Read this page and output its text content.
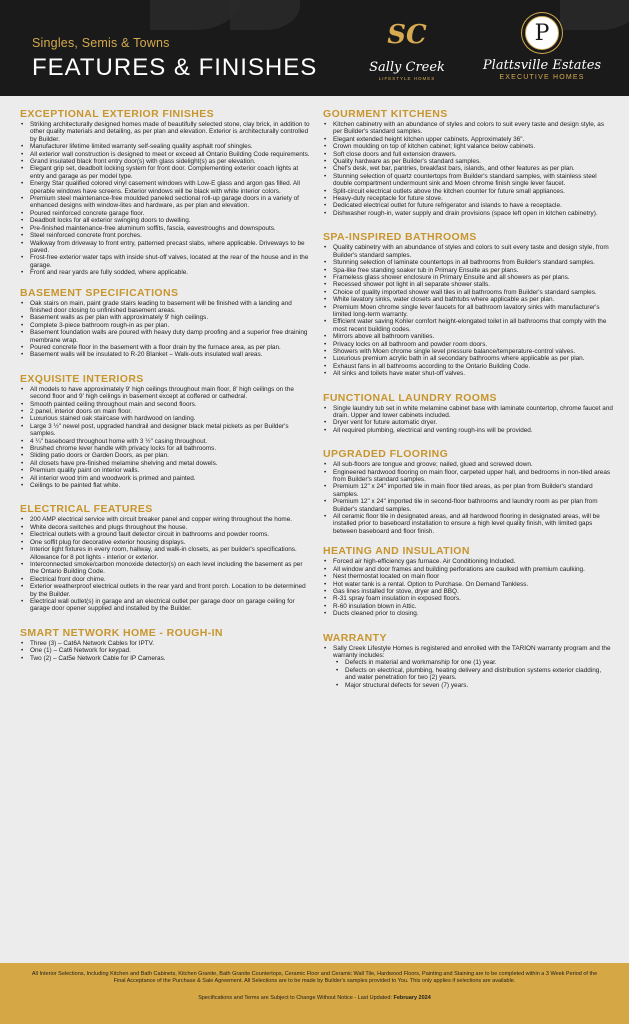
Singles, Semis & Towns
FEATURES & FINISHES
SC
Sally Creek
LIFESTYLE HOMES
P
Plattsville Estates
EXECUTIVE HOMES
EXCEPTIONAL EXTERIOR FINISHES
• Striking architecturally designed homes made of beautifully selected stone, clay brick, in addition to other quality materials and detailing, as per plan and elevation. Exterior is architecturally controlled by Builder.
• Manufacturer lifetime limited warranty self-sealing quality asphalt roof shingles.
• All exterior wall construction is designed to meet or exceed all Ontario Building Code requirements.
• Grand insulated black front entry door(s) with glass sidelight(s) as per elevation.
• Elegant grip set, deadbolt locking system for front door. Complementing exterior coach lights at entry and garage as per model type.
• Energy Star qualified colored vinyl casement windows with Low-E glass and argon gas filled. All operable windows have screens. Exterior windows will be black with white interior colors.
• Premium steel maintenance-free moulded paneled sectional roll-up garage doors in a variety of enhanced designs with window-lites and hardware, as per plan and elevation.
• Poured reinforced concrete garage floor.
• Deadbolt locks for all exterior swinging doors to dwelling.
• Pre-finished maintenance-free aluminum soffits, fascia, eavestroughs and downspouts.
• Steel reinforced concrete front porches.
• Walkway from driveway to front entry, patterned precast slabs, where applicable. Driveways to be paved.
• Frost-free exterior water taps with inside shut-off valves, located at the rear of the house and in the garage.
• Front and rear yards are fully sodded, where applicable.
BASEMENT SPECIFICATIONS
• Oak stairs on main, paint grade stairs leading to basement will be finished with a landing and finished door closing to unfinished basement areas.
• Basement walls as per plan with approximately 9' high ceilings.
• Complete 3-piece bathroom rough-in as per plan.
• Basement foundation walls are poured with heavy duty damp proofing and a superior free draining membrane wrap.
• Poured concrete floor in the basement with a floor drain by the furnace area, as per plan.
• Basement walls will be insulated to R-20 Blanket – Walk-outs insulated wall areas.
EXQUISITE INTERIORS
• All models to have approximately 9' high ceilings throughout main floor, 8' high ceilings on the second floor and 9' high ceilings in basement except at coffered or cathedral.
• Smooth painted ceiling throughout main and second floors.
• 2 panel, interior doors on main floor.
• Luxurious stained oak staircase with hardwood on landing.
• Large 3 ½" newel post, upgraded handrail and designer black metal pickets as per Builder's samples.
• 4 ¼" baseboard throughout home with 3 ½" casing throughout.
• Brushed chrome lever handle with privacy locks for all bathrooms.
• Sliding patio doors or Garden Doors, as per plan.
• All closets have pre-finished melamine shelving and metal dowels.
• Premium quality paint on interior walls.
• All interior wood trim and woodwork is primed and painted.
• Ceilings to be painted flat white.
ELECTRICAL FEATURES
• 200 AMP electrical service with circuit breaker panel and copper wiring throughout the home.
• White decora switches and plugs throughout the house.
• Electrical outlets with a ground fault detector circuit in bathrooms and powder rooms.
• One soffit plug for decorative exterior housing displays.
• Interior light fixtures in every room, hallway, and walk-in closets, as per builder's specifications. Allowance for 8 pot lights - interior or exterior.
• Interconnected smoke/carbon monoxide detector(s) on each level including the basement as per the Ontario Building Code.
• Electrical front door chime.
• Exterior weatherproof electrical outlets in the rear yard and front porch. Location to be determined by the Builder.
• Electrical wall outlet(s) in garage and an electrical outlet per garage door on garage ceiling for garage door opener supplied and installed by the Builder.
SMART NETWORK HOME - ROUGH-IN
• Three (3) – Cat6A Network Cables for IPTV.
• One (1) – Cat6 Network for keypad.
• Two (2) – Cat5e Network Cable for IP Cameras.
GOURMENT KITCHENS
• Kitchen cabinetry with an abundance of styles and colors to suit every taste and design style, as per Builder's standard samples.
• Elegant extended height kitchen upper cabinets. Approximately 36".
• Crown moulding on top of kitchen cabinet; light valance below cabinets.
• Soft close doors and full extension drawers.
• Quality hardware as per Builder's standard samples.
• Chef's desk, wet bar, pantries, breakfast bars, islands, and other features as per plan.
• Stunning selection of quartz countertops from Builder's standard samples, with stainless steel double compartment undermount sink and Moen chrome finish single lever faucet.
• Split-circuit electrical outlets above the kitchen counter for future small appliances.
• Heavy-duty receptacle for future stove.
• Dedicated electrical outlet for future refrigerator and islands to have a receptacle.
• Dishwasher rough-in, water supply and drain provisions (space left open in kitchen cabinetry).
SPA-INSPIRED BATHROOMS
• Quality cabinetry with an abundance of styles and colors to suit every taste and design style, from Builder's standard samples.
• Stunning selection of laminate countertops in all bathrooms from Builder's standard samples.
• Spa-like free standing soaker tub in Primary Ensuite as per plans.
• Frameless glass shower enclosure in Primary Ensuite and all showers as per plans.
• Recessed shower pot light in all separate shower stalls.
• Choice of quality imported shower wall tiles in all bathrooms from Builder's standard samples.
• White lavatory sinks, water closets and bathtubs where applicable as per plan.
• Premium Moen chrome single lever faucets for all bathroom lavatory sinks with manufacturer's limited long-term warranty.
• Efficient water saving Kohler comfort height-elongated toilet in all bathrooms that comply with the most recent building codes.
• Mirrors above all bathroom vanities.
• Privacy locks on all bathroom and powder room doors.
• Showers with Moen chrome single level pressure balance/temperature-control valves.
• Luxurious premium acrylic bath in all secondary bathrooms where applicable as per plan.
• Exhaust fans in all bathrooms according to the Ontario Building Code.
• All sinks and toilets have water shut-off valves.
FUNCTIONAL LAUNDRY ROOMS
• Single laundry tub set in white melamine cabinet base with laminate countertop, chrome faucet and drain. Upper and lower cabinets included.
• Dryer vent for future automatic dryer.
• All required plumbing, electrical and venting rough-ins will be provided.
UPGRADED FLOORING
• All sub-floors are tongue and groove; nailed, glued and screwed down.
• Engineered hardwood flooring on main floor, carpeted upper hall, and bedrooms in non-tiled areas from Builder's standard samples.
• Premium 12" x 24" imported tile in main floor tiled areas, as per plan from Builder's standard samples.
• Premium 12" x 24" imported tile in second-floor bathrooms and laundry room as per plan from Builder's standard samples.
• All ceramic floor tile in designated areas, and all hardwood flooring in designated areas, will be installed prior to baseboard installation to ensure a high level quality finish, with limited gaps between baseboard and floor finish.
HEATING AND INSULATION
• Forced air high-efficiency gas furnace. Air Conditioning Included.
• All window and door frames and building perforations are caulked with premium caulking.
• Nest thermostat located on main floor
• Hot water tank is a rental. Option to Purchase. On Demand Tankless.
• Gas lines installed for stove, dryer and BBQ.
• R-31 spray foam insulation in exposed floors.
• R-60 insulation blown in Attic.
• Ducts cleaned prior to closing.
WARRANTY
• Sally Creek Lifestyle Homes is registered and enrolled with the TARION warranty program and the warranty includes:
• Defects in material and workmanship for one (1) year.
• Defects on electrical, plumbing, heating delivery and distribution systems exterior cladding, and water penetration for two (2) years.
• Major structural defects for seven (7) years.
All Interior Selections, Including Kitchen and Bath Cabinets, Kitchen Granite, Bath Granite Countertops, Ceramic Floor and Ceramic Wall Tile, Hardwood Floors, Painting and Staining are to be completed within a 3 Week Period of the Final Acceptance of the Purchase & Sale Agreement. All Selections are to be made by Builder's samples provided to You. This only applies if selections are available.
Specifications and Terms are Subject to Change Without Notice - Last Updated: February 2024
